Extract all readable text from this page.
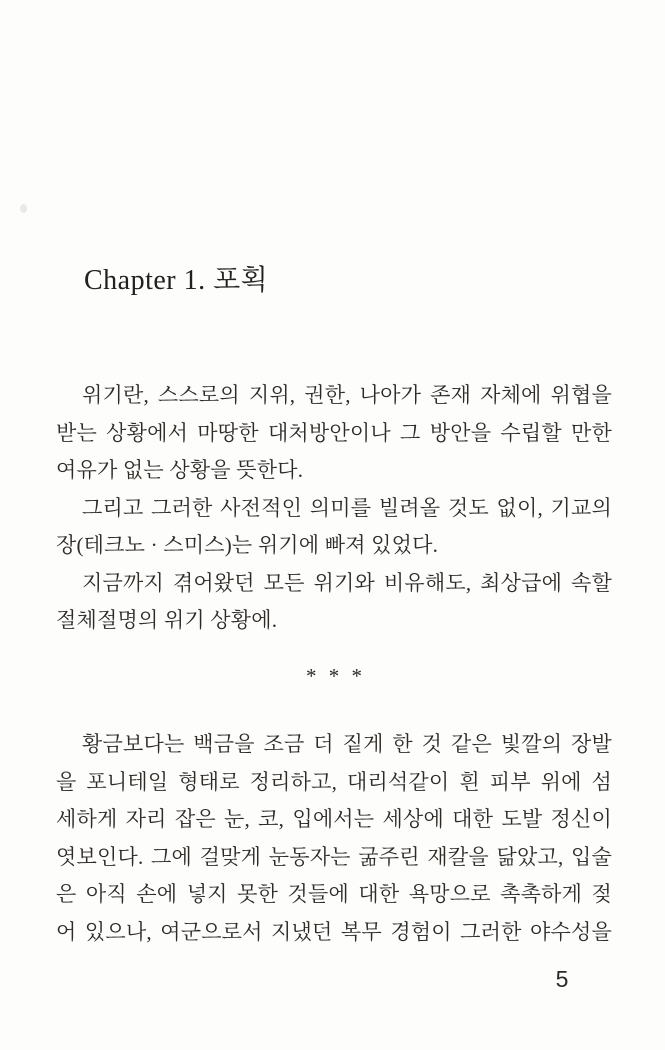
Chapter 1. 포획
위기란, 스스로의 지위, 권한, 나아가 존재 자체에 위협을
받는 상황에서 마땅한 대처방안이나 그 방안을 수립할 만한
여유가 없는 상황을 뜻한다.
그리고 그러한 사전적인 의미를 빌려올 것도 없이, 기교의
장(테크노 · 스미스)는 위기에 빠져 있었다.
지금까지 겪어왔던 모든 위기와 비유해도, 최상급에 속할
절체절명의 위기 상황에.
* * *
황금보다는 백금을 조금 더 짙게 한 것 같은 빛깔의 장발
을 포니테일 형태로 정리하고, 대리석같이 흰 피부 위에 섬
세하게 자리 잡은 눈, 코, 입에서는 세상에 대한 도발 정신이
엿보인다. 그에 걸맞게 눈동자는 굶주린 재칼을 닮았고, 입술
은 아직 손에 넣지 못한 것들에 대한 욕망으로 촉촉하게 젖
어 있으나, 여군으로서 지냈던 복무 경험이 그러한 야수성을
5
